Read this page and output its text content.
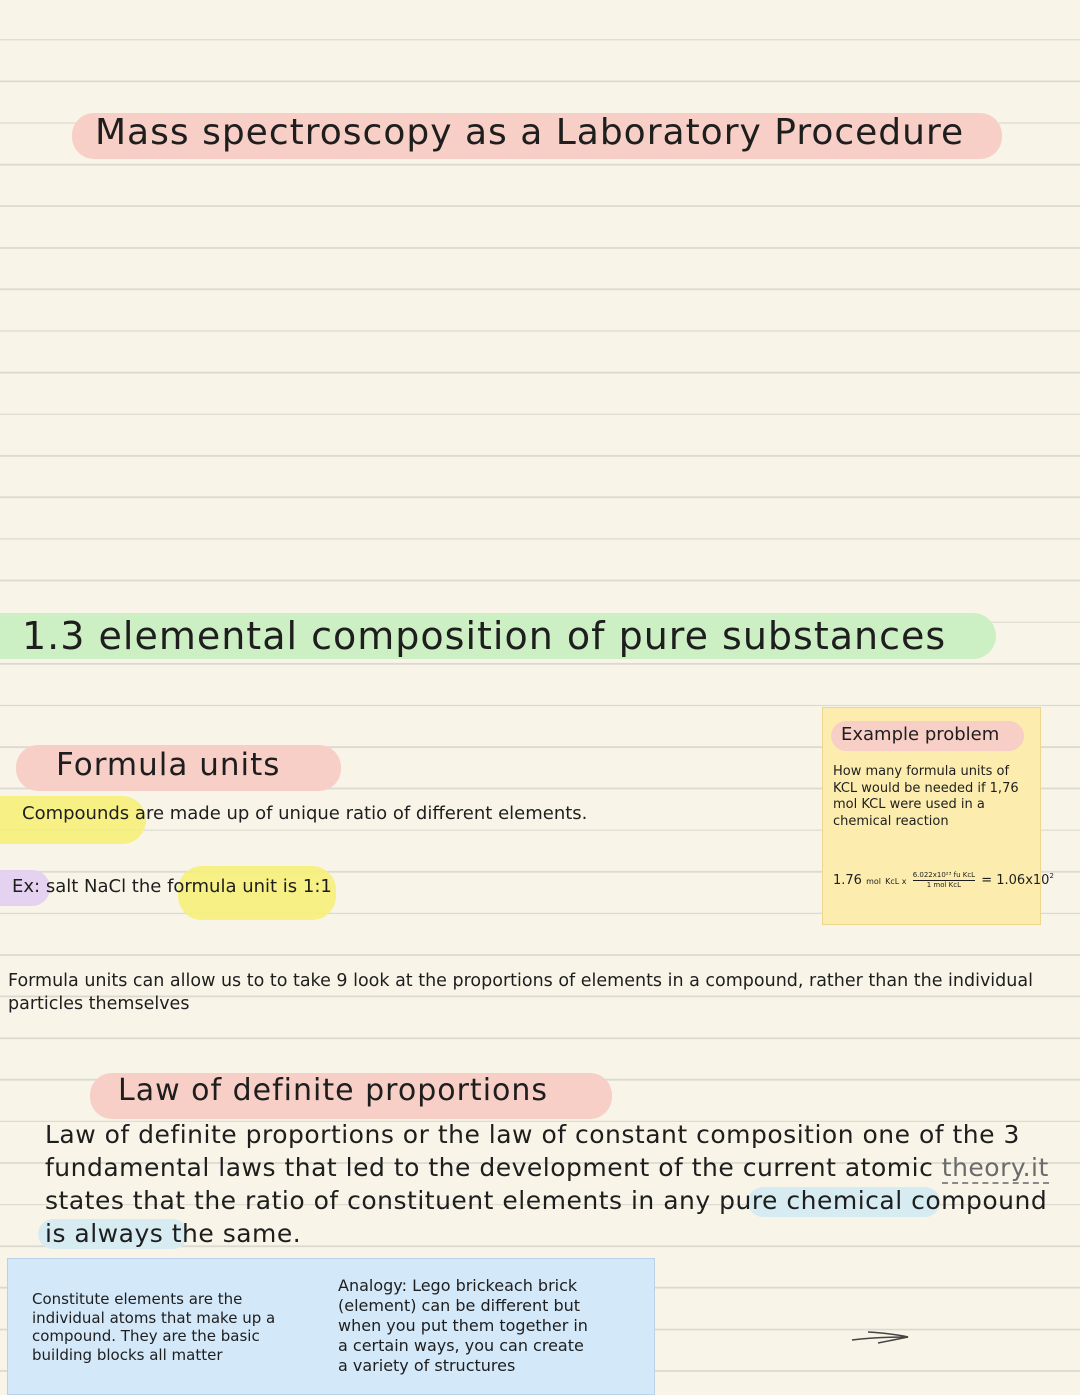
Mass spectroscopy as a Laboratory Procedure
1.3 elemental composition of pure substances
Formula units
Compounds are made up of unique ratio of different elements.
Ex: salt NaCl the formula unit is 1:1
Formula units can allow us to to take 9 look at the proportions of elements in a compound, rather than the individual particles themselves
Law of definite proportions
Law of definite proportions or the law of constant composition one of the 3 fundamental laws that led to the development of the current atomic theory.it states that the ratio of constituent elements in any pure chemical compound is always the same.
Example problem
How many formula units of KCL would be needed if 1,76 mol KCL were used in a chemical reaction
1.76 mol KcL x $\frac{\text{6.022x10²³ fu KcL}}{\text{1 mol KcL}} = 1.06x10^2$
Constitute elements are the individual atoms that make up a compound. They are the basic building blocks all matter
Analogy: Lego brickeach brick (element) can be different but when you put them together in a certain ways, you can create a variety of structures
